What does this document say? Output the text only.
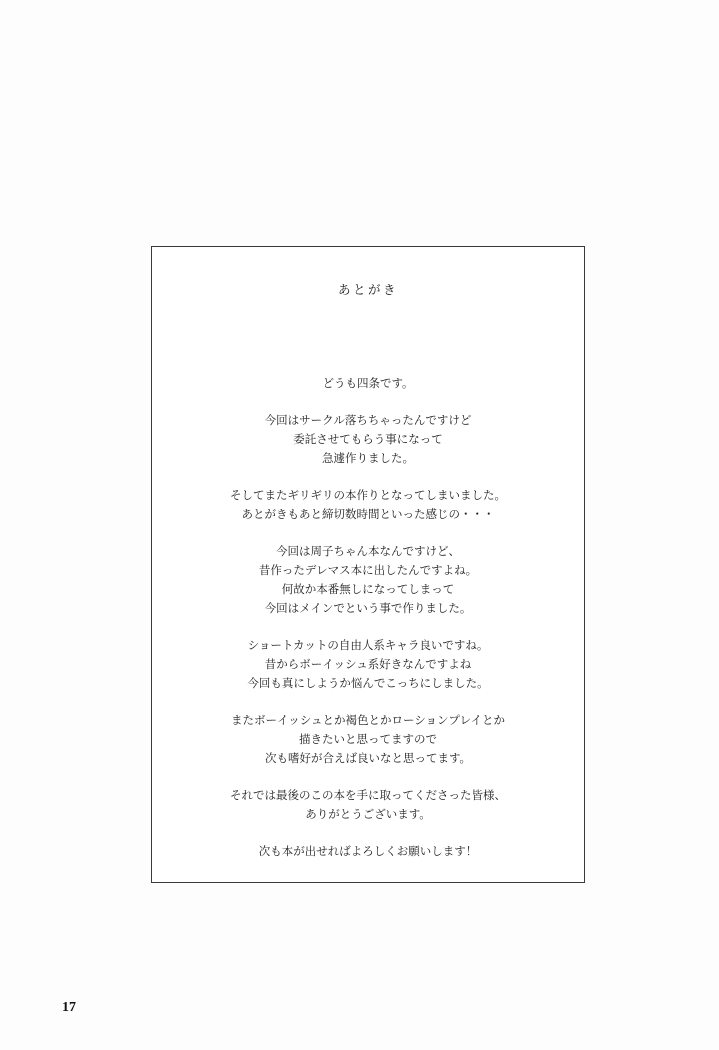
あとがき

どうも四条です。

今回はサークル落ちちゃったんですけど
委託させてもらう事になって
急遽作りました。

そしてまたギリギリの本作りとなってしまいました。
あとがきもあと締切数時間といった感じの・・・

今回は周子ちゃん本なんですけど、
昔作ったデレマス本に出したんですよね。
何故か本番無しになってしまって
今回はメインでという事で作りました。

ショートカットの自由人系キャラ良いですね。
昔からボーイッシュ系好きなんですよね
今回も真にしようか悩んでこっちにしました。

またボーイッシュとか褐色とかローションプレイとか
描きたいと思ってますので
次も嗜好が合えば良いなと思ってます。

それでは最後のこの本を手に取ってくださった皆様、
ありがとうございます。

次も本が出せればよろしくお願いします！

17
